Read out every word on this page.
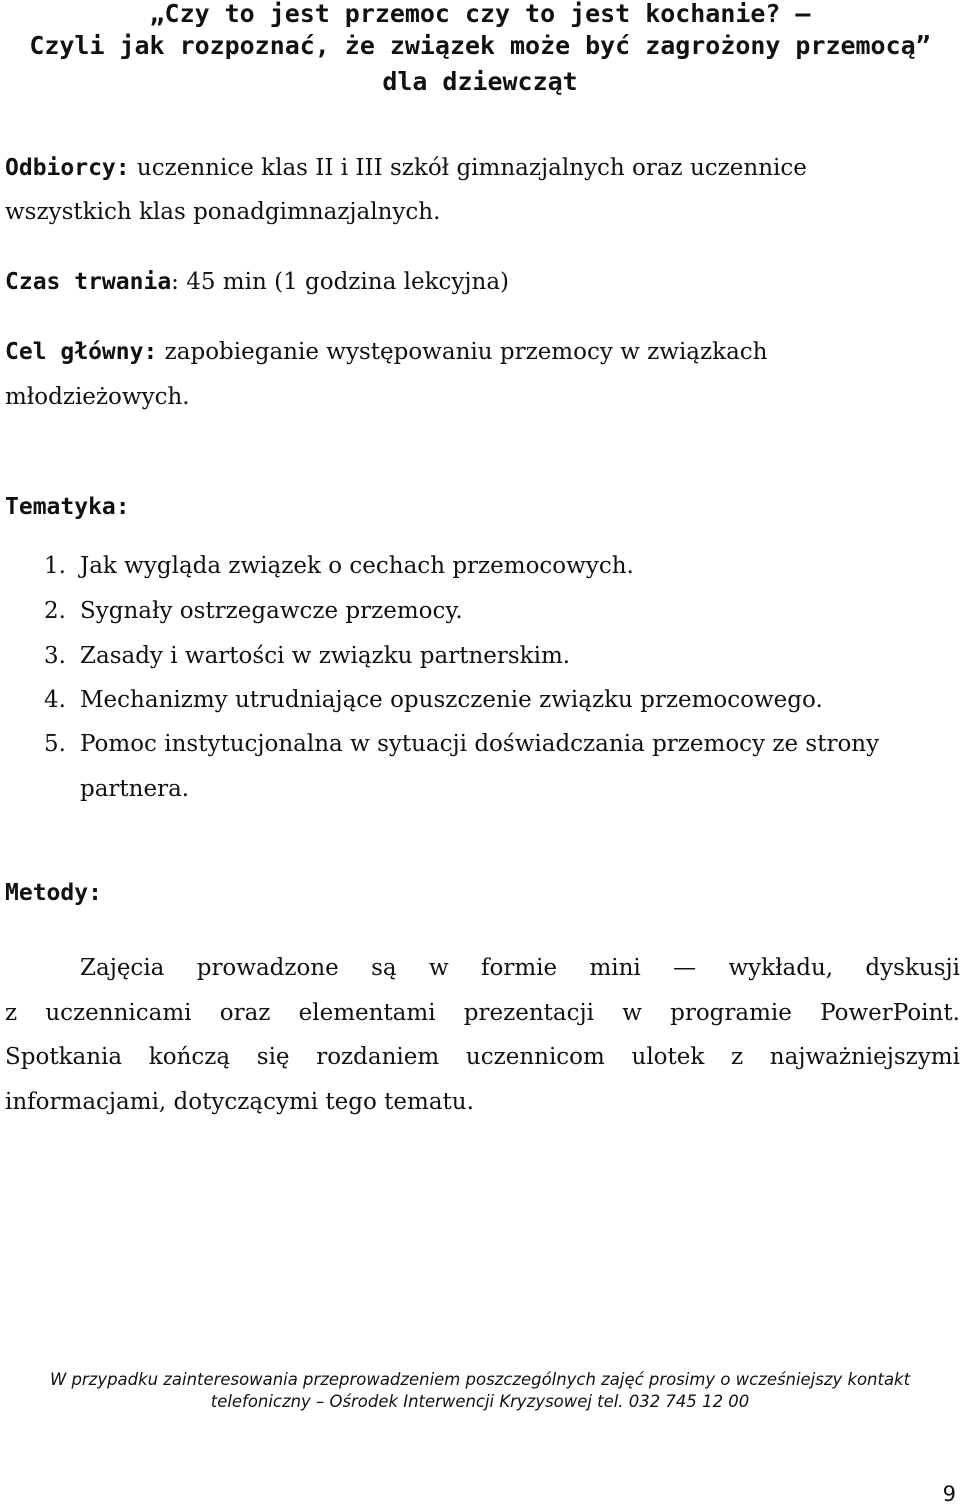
„Czy to jest przemoc czy to jest kochanie? –
Czyli jak rozpoznać, że związek może być zagrożony przemocą”
dla dziewcząt
Odbiorcy: uczennice klas II i III szkół gimnazjalnych oraz uczennice
wszystkich klas ponadgimnazjalnych.
Czas trwania: 45 min (1 godzina lekcyjna)
Cel główny: zapobieganie występowaniu przemocy w związkach
młodzieżowych.
Tematyka:
1. Jak wygląda związek o cechach przemocowych.
2. Sygnały ostrzegawcze przemocy.
3. Zasady i wartości w związku partnerskim.
4. Mechanizmy utrudniające opuszczenie związku przemocowego.
5. Pomoc instytucjonalna w sytuacji doświadczania przemocy ze strony
partnera.
Metody:
Zajęcia prowadzone są w formie mini — wykładu, dyskusji
z uczennicami oraz elementami prezentacji w programie PowerPoint.
Spotkania kończą się rozdaniem uczennicom ulotek z najważniejszymi
informacjami, dotyczącymi tego tematu.
W przypadku zainteresowania przeprowadzeniem poszczególnych zajęć prosimy o wcześniejszy kontakt
telefoniczny – Ośrodek Interwencji Kryzysowej tel. 032 745 12 00
9
